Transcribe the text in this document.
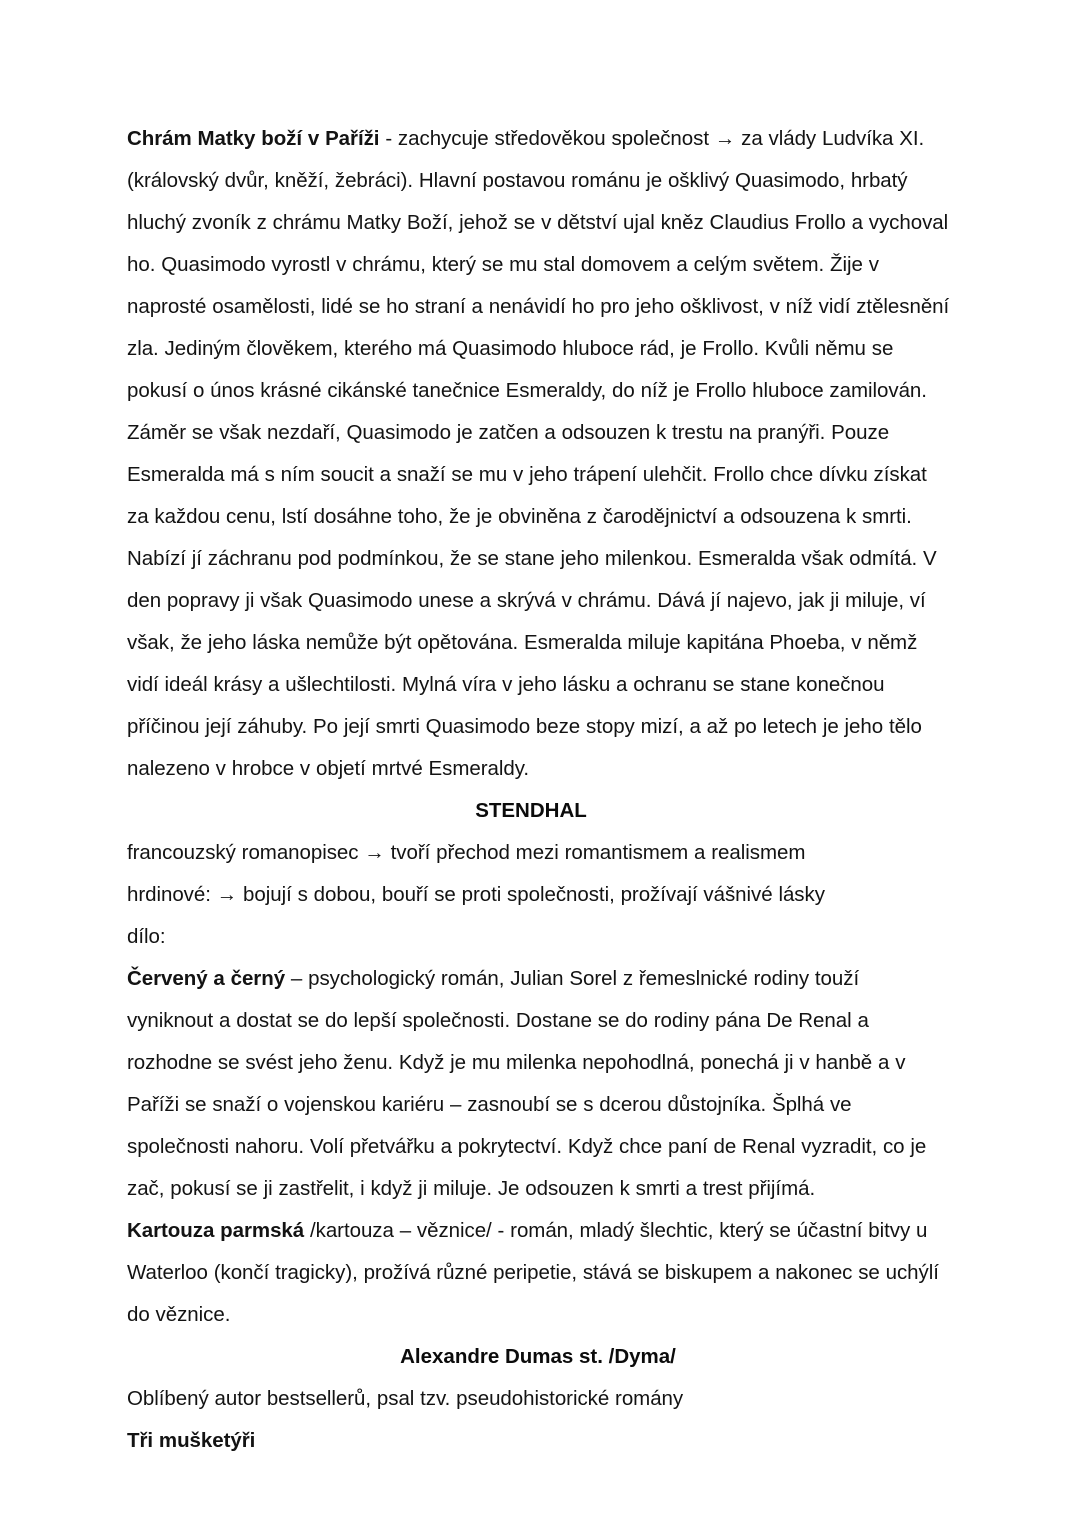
Chrám Matky boží v Paříži - zachycuje středověkou společnost → za vlády Ludvíka XI. (královský dvůr, kněží, žebráci). Hlavní postavou románu je ošklivý Quasimodo, hrbatý hluchý zvoník z chrámu Matky Boží, jehož se v dětství ujal kněz Claudius Frollo a vychoval ho. Quasimodo vyrostl v chrámu, který se mu stal domovem a celým světem. Žije v naprosté osamělosti, lidé se ho straní a nenávidí ho pro jeho ošklivost, v níž vidí ztělesnění zla. Jediným člověkem, kterého má Quasimodo hluboce rád, je Frollo. Kvůli němu se pokusí o únos krásné cikánské tanečnice Esmeraldy, do níž je Frollo hluboce zamilován. Záměr se však nezdaří, Quasimodo je zatčen a odsouzen k trestu na pranýři. Pouze Esmeralda má s ním soucit a snaží se mu v jeho trápení ulehčit. Frollo chce dívku získat za každou cenu, lstí dosáhne toho, že je obviněna z čarodějnictví a odsouzena k smrti. Nabízí jí záchranu pod podmínkou, že se stane jeho milenkou. Esmeralda však odmítá. V den popravy ji však Quasimodo unese a skrývá v chrámu. Dává jí najevo, jak ji miluje, ví však, že jeho láska nemůže být opětována. Esmeralda miluje kapitána Phoeba, v němž vidí ideál krásy a ušlechtilosti. Mylná víra v jeho lásku a ochranu se stane konečnou příčinou její záhuby. Po její smrti Quasimodo beze stopy mizí, a až po letech je jeho tělo nalezeno v hrobce v objetí mrtvé Esmeraldy.

STENDHAL

francouzský romanopisec → tvoří přechod mezi romantismem a realismem

hrdinové: → bojují s dobou, bouří se proti společnosti, prožívají vášnivé lásky

dílo:

Červený a černý – psychologický román, Julian Sorel z řemeslnické rodiny touží vyniknout a dostat se do lepší společnosti. Dostane se do rodiny pána De Renal a rozhodne se svést jeho ženu. Když je mu milenka nepohodlná, ponechá ji v hanbě a v Paříži se snaží o vojenskou kariéru – zasnoubí se s dcerou důstojníka. Šplhá ve společnosti nahoru. Volí přetvářku a pokrytectví. Když chce paní de Renal vyzradit, co je zač, pokusí se ji zastřelit, i když ji miluje. Je odsouzen k smrti a trest přijímá.

Kartouza parmská /kartouza – věznice/ - román, mladý šlechtic, který se účastní bitvy u Waterloo (končí tragicky), prožívá různé peripetie, stává se biskupem a nakonec se uchýlí do věznice.

Alexandre Dumas st. /Dyma/

Oblíbený autor bestsellerů, psal tzv. pseudohistorické romány

Tři mušketýři
